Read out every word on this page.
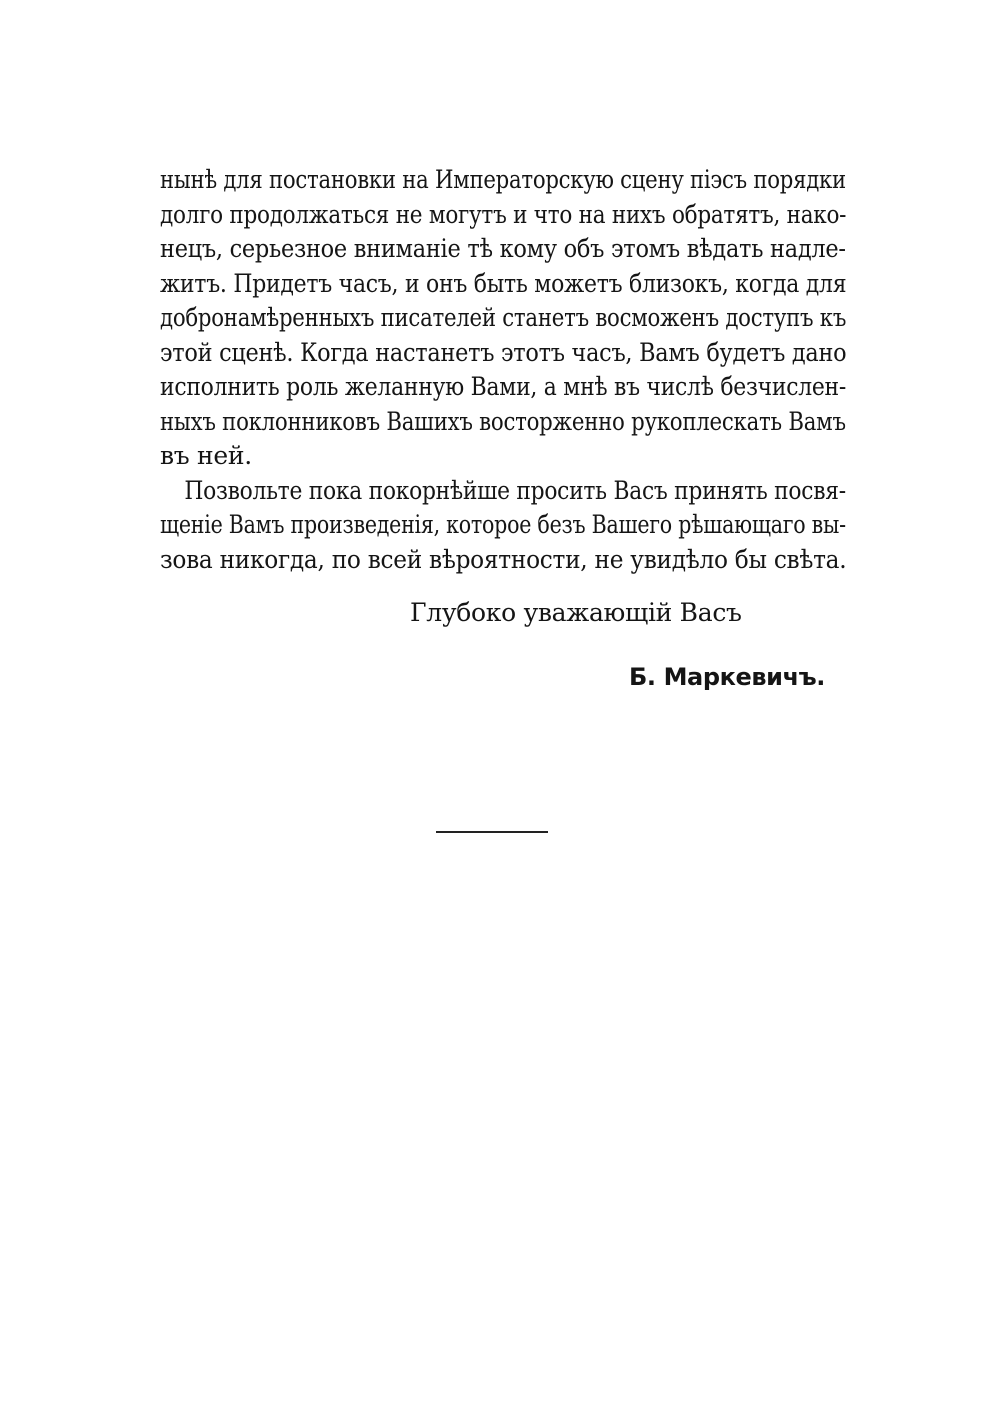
нынѣ для постановки на Императорскую сцену пiэсъ порядки
долго продолжаться не могутъ и что на нихъ обратятъ, нако-
нецъ, серьезное вниманiе тѣ кому объ этомъ вѣдать надле-
житъ. Придетъ часъ, и онъ быть можетъ близокъ, когда для
добронамѣренныхъ писателей станетъ восможенъ доступъ къ
этой сценѣ. Когда настанетъ этотъ часъ, Вамъ будетъ дано
исполнить роль желанную Вами, а мнѣ въ числѣ безчислен-
ныхъ поклонниковъ Вашихъ восторженно рукоплескать Вамъ
въ ней.
Позвольте пока покорнѣйше просить Васъ принять посвя-
щенiе Вамъ произведенiя, которое безъ Вашего рѣшающаго вы-
зова никогда, по всей вѣроятности, не увидѣло бы свѣта.
Глубоко уважающiй Васъ
Б. Маркевичъ.
